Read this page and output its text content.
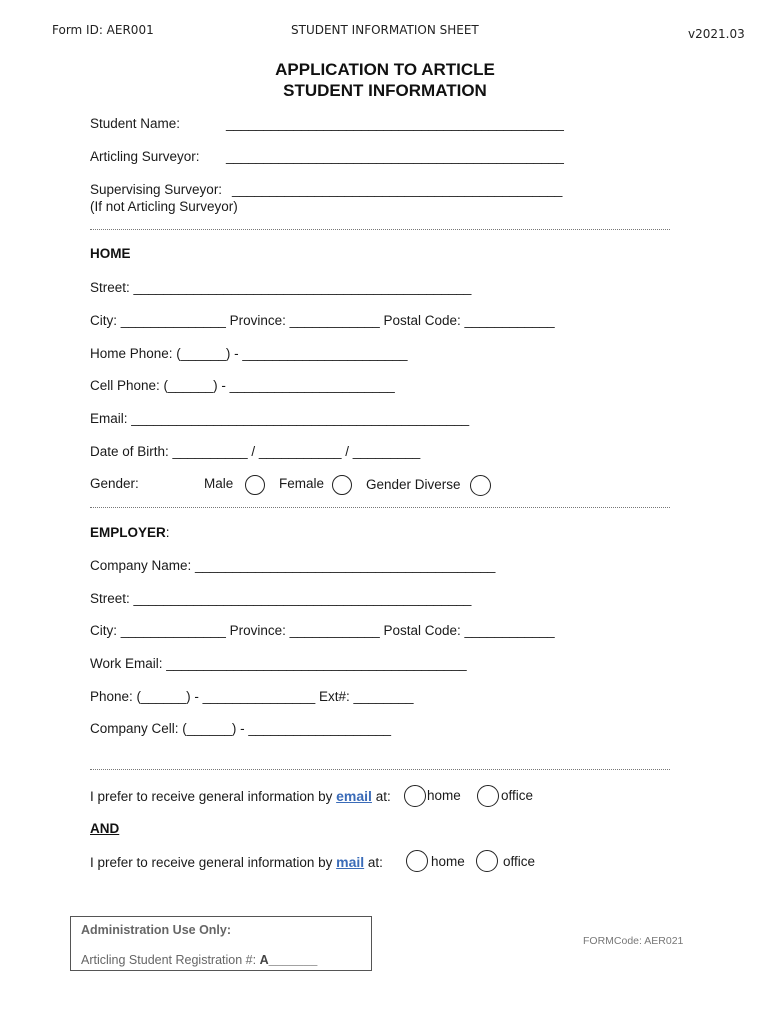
Form ID: AER001	STUDENT INFORMATION SHEET	v2021.03
APPLICATION TO ARTICLE
STUDENT INFORMATION
Student Name:	_____________________________________________
Articling Surveyor: _____________________________________________
Supervising Surveyor: ____________________________________________
(If not Articling Surveyor)
HOME
Street: _____________________________________________
City: ______________ Province: ____________ Postal Code: ____________
Home Phone: (______) - ______________________
Cell Phone: (______) - ______________________
Email: _____________________________________________
Date of Birth: __________ / ___________ / _________
Gender:	Male	Female	Gender Diverse
EMPLOYER:
Company Name: ________________________________________
Street: _____________________________________________
City: ______________ Province: ____________ Postal Code: ____________
Work Email: ________________________________________
Phone: (______) - _______________ Ext#: ________
Company Cell: (______) - ___________________
I prefer to receive general information by email at:	home	office
AND
I prefer to receive general information by mail at:	home	office
Administration Use Only:
Articling Student Registration #: A_______
FORMCode: AER021
